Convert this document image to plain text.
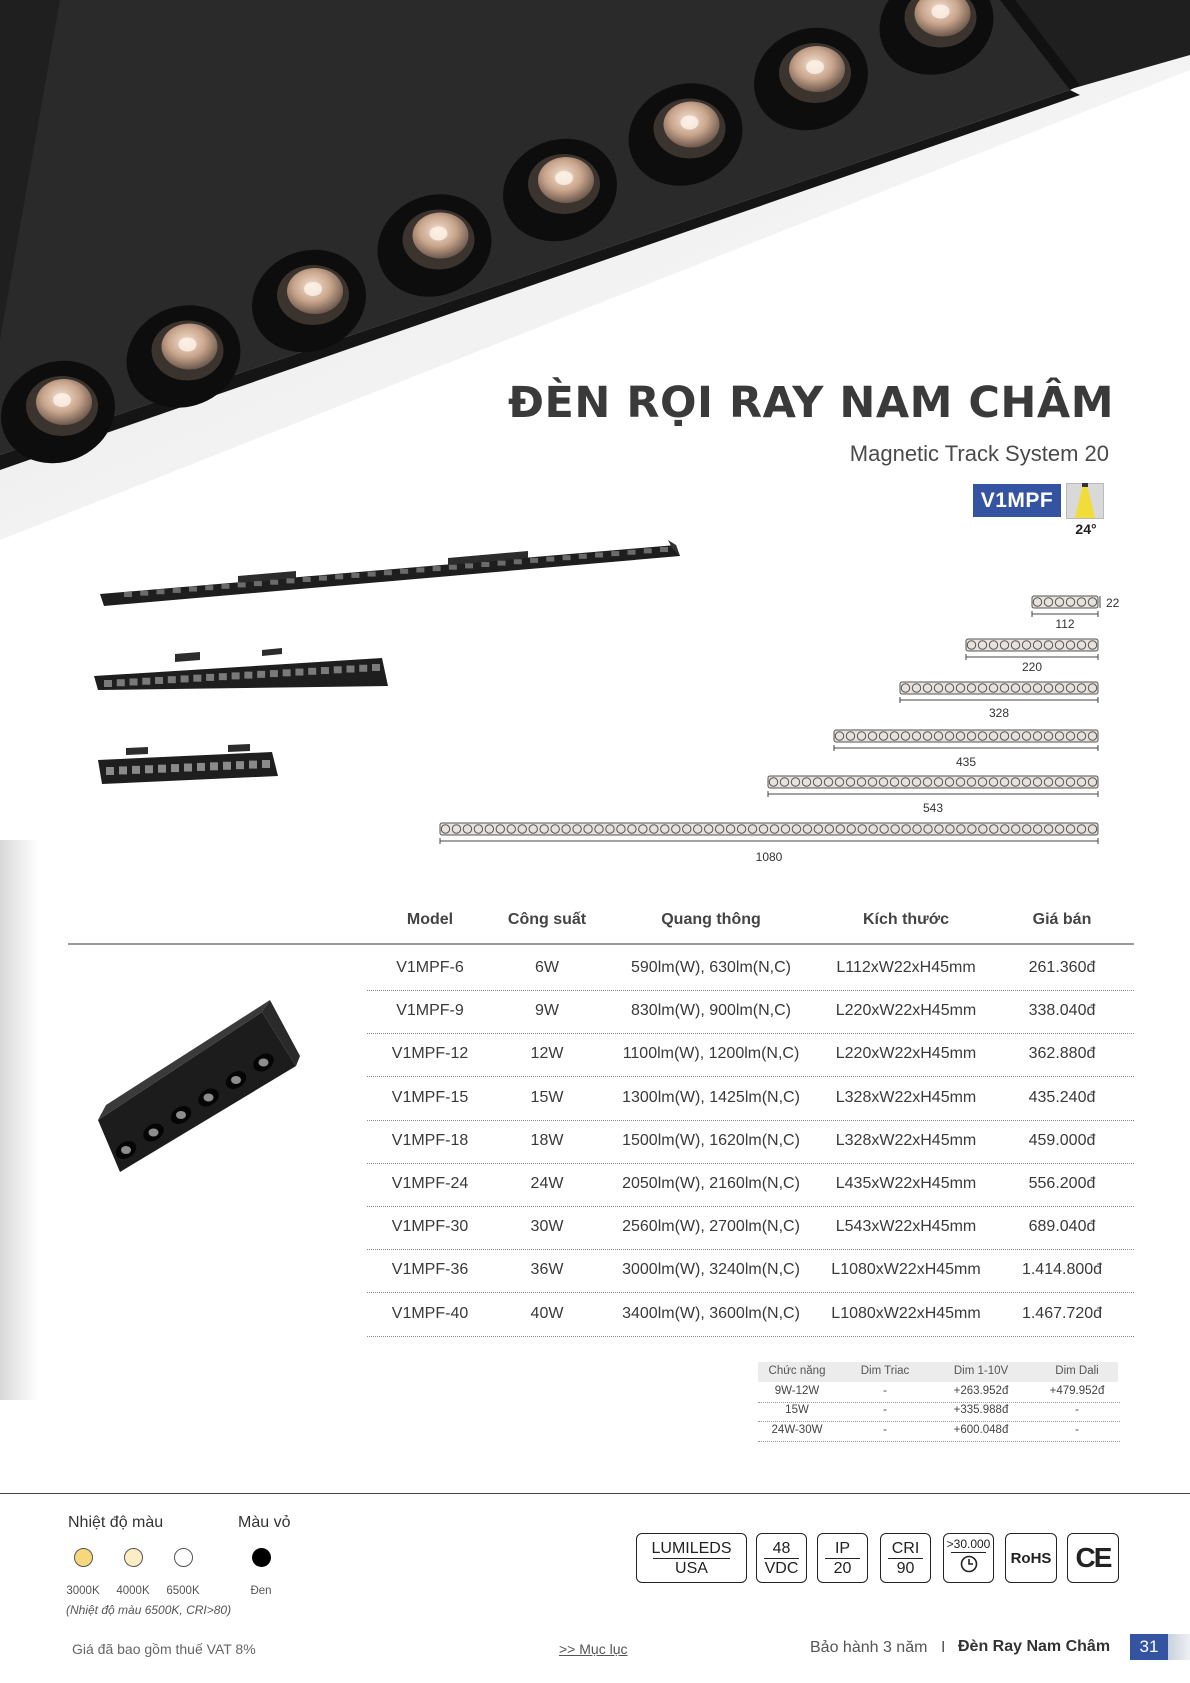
ĐÈN RỌI RAY NAM CHÂM
Magnetic Track System 20
V1MPF
24°
112
220
328
435
543
1080
22
Model	Công suất	Quang thông	Kích thước	Giá bán
V1MPF-6	6W	590lm(W), 630lm(N,C)	L112xW22xH45mm	261.360đ
V1MPF-9	9W	830lm(W), 900lm(N,C)	L220xW22xH45mm	338.040đ
V1MPF-12	12W	1100lm(W), 1200lm(N,C) L220xW22xH45mm	362.880đ
V1MPF-15	15W	1300lm(W), 1425lm(N,C) L328xW22xH45mm	435.240đ
V1MPF-18	18W	1500lm(W), 1620lm(N,C) L328xW22xH45mm	459.000đ
V1MPF-24	24W	2050lm(W), 2160lm(N,C) L435xW22xH45mm	556.200đ
V1MPF-30	30W	2560lm(W), 2700lm(N,C) L543xW22xH45mm	689.040đ
V1MPF-36	36W	3000lm(W), 3240lm(N,C) L1080xW22xH45mm	1.414.800đ
V1MPF-40	40W	3400lm(W), 3600lm(N,C) L1080xW22xH45mm	1.467.720đ
Chức năng	Dim Triac	Dim 1-10V	Dim Dali
9W-12W	-	+263.952đ	+479.952đ
15W	-	+335.988đ	-
24W-30W	-	+600.048đ	-
Nhiệt độ màu	Màu vỏ
3000K 4000K 6500K	Đen
(Nhiệt độ màu 6500K, CRI>80)
LUMILEDS
USA
48
VDC
IP
20
CRI
90
>30.000
RoHS CE
Giá đã bao gồm thuế VAT 8%	>> Mục lục	Bảo hành 3 năm I Đèn Ray Nam Châm	31
